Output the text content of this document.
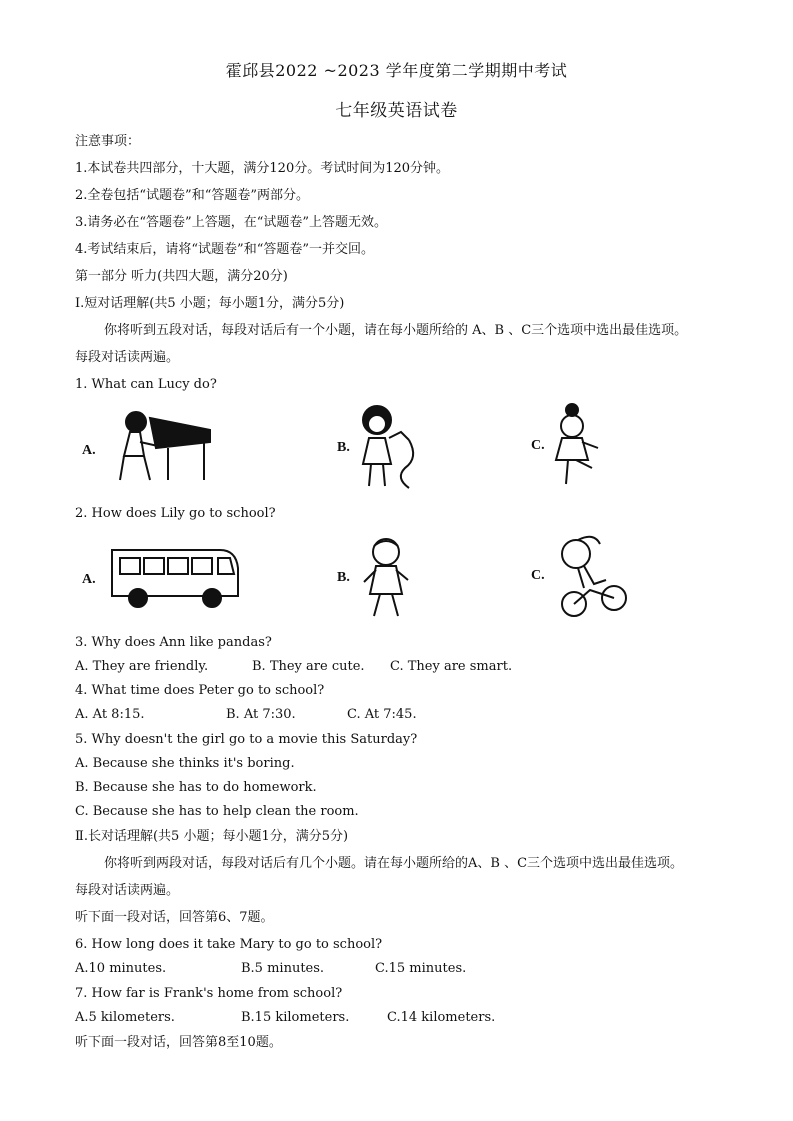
霍邱县2022 ~2023 学年度第二学期期中考试
七年级英语试卷
注意事项：
1.本试卷共四部分，十大题，满分120分。考试时间为120分钟。
2.全卷包括“试题卷”和“答题卷”两部分。
3.请务必在“答题卷”上答题，在“试题卷”上答题无效。
4.考试结束后，请将“试题卷”和“答题卷”一并交回。
第一部分 听力(共四大题，满分20分)
Ⅰ.短对话理解(共5 小题；每小题1分，满分5分)
你将听到五段对话，每段对话后有一个小题，请在每小题所给的 A、B 、C三个选项中选出最佳选项。
每段对话读两遍。
1. What can Lucy do?
A.	B.	C.
2. How does Lily go to school?
A.	B.	C.
3. Why does Ann like pandas?
A. They are friendly.	B. They are cute. C. They are smart.
4. What time does Peter go to school?
A. At 8:15.	B. At 7:30.	C. At 7:45.
5. Why doesn't the girl go to a movie this Saturday?
A. Because she thinks it's boring.
B. Because she has to do homework.
C. Because she has to help clean the room.
Ⅱ.长对话理解(共5 小题；每小题1分，满分5分)
你将听到两段对话，每段对话后有几个小题。请在每小题所给的A、B 、C三个选项中选出最佳选项。
每段对话读两遍。
听下面一段对话，回答第6、7题。
6. How long does it take Mary to go to school?
A.10 minutes.	B.5 minutes.	C.15 minutes.
7. How far is Frank's home from school?
A.5 kilometers.	B.15 kilometers.	C.14 kilometers.
听下面一段对话，回答第8至10题。
